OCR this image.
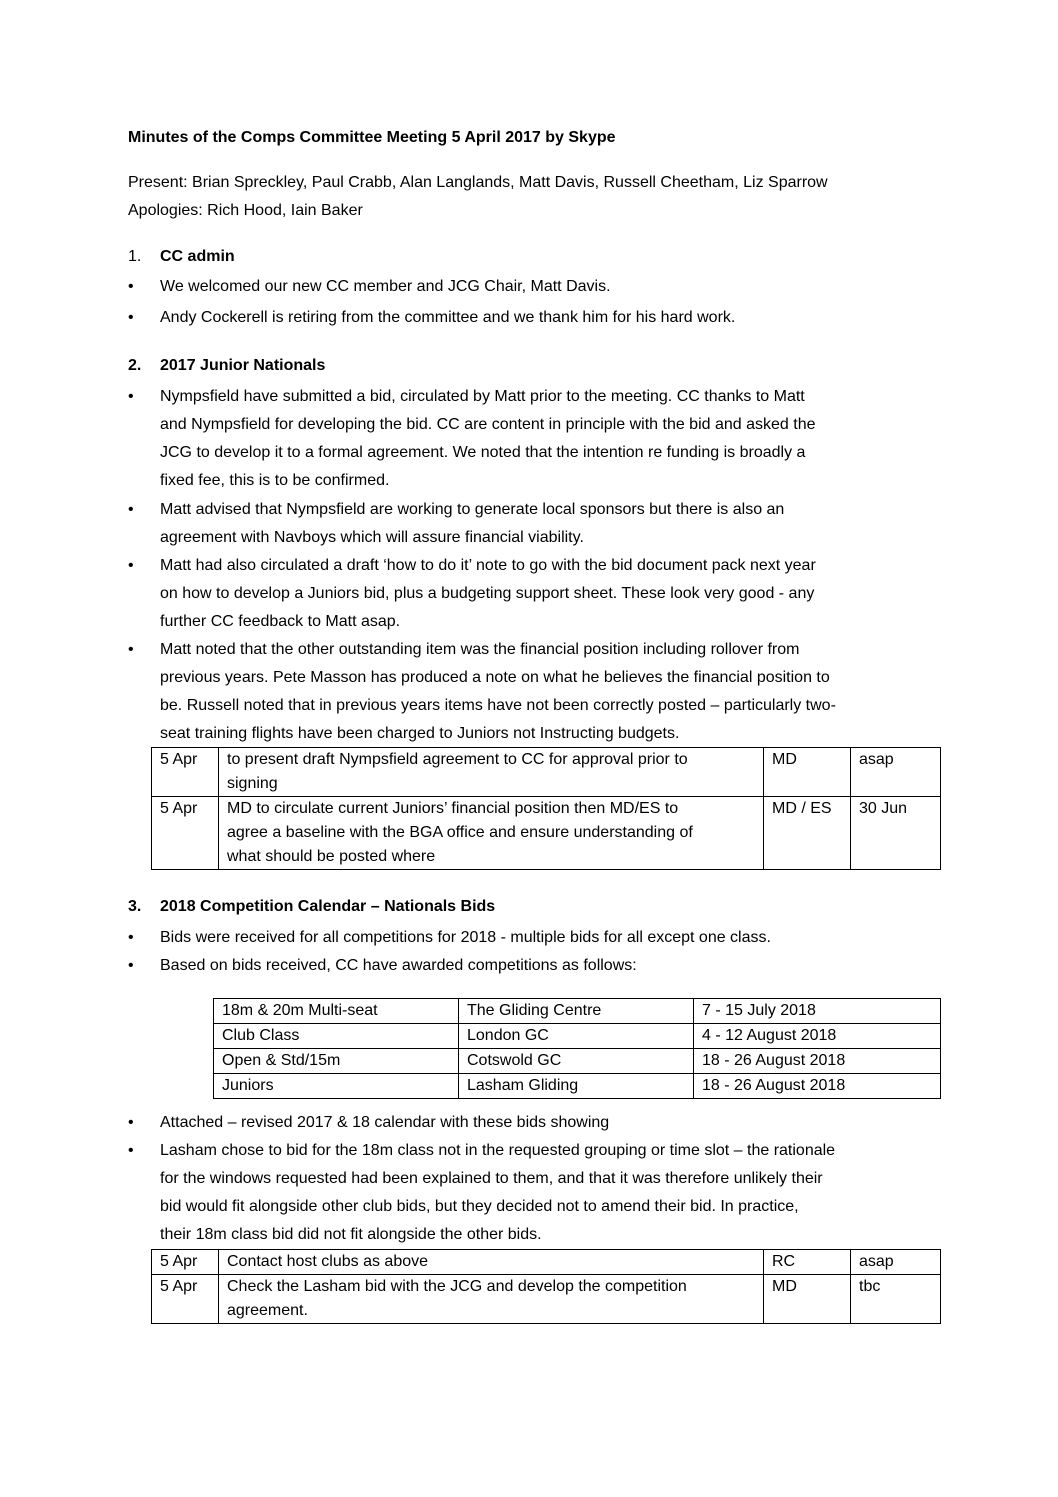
Minutes of the Comps Committee Meeting 5 April 2017 by Skype
Present: Brian Spreckley, Paul Crabb, Alan Langlands, Matt Davis, Russell Cheetham, Liz Sparrow
Apologies: Rich Hood, Iain Baker
1. CC admin
• We welcomed our new CC member and JCG Chair, Matt Davis.
• Andy Cockerell is retiring from the committee and we thank him for his hard work.
2. 2017 Junior Nationals
• Nympsfield have submitted a bid, circulated by Matt prior to the meeting. CC thanks to Matt
and Nympsfield for developing the bid. CC are content in principle with the bid and asked the
JCG to develop it to a formal agreement. We noted that the intention re funding is broadly a
fixed fee, this is to be confirmed.
• Matt advised that Nympsfield are working to generate local sponsors but there is also an
agreement with Navboys which will assure financial viability.
• Matt had also circulated a draft ‘how to do it’ note to go with the bid document pack next year
on how to develop a Juniors bid, plus a budgeting support sheet. These look very good - any
further CC feedback to Matt asap.
• Matt noted that the other outstanding item was the financial position including rollover from
previous years. Pete Masson has produced a note on what he believes the financial position to
be. Russell noted that in previous years items have not been correctly posted – particularly two-
seat training flights have been charged to Juniors not Instructing budgets.
5 Apr	to present draft Nympsfield agreement to CC for approval prior to
signing	MD	asap
5 Apr	MD to circulate current Juniors’ financial position then MD/ES to
agree a baseline with the BGA office and ensure understanding of
what should be posted where	MD / ES	30 Jun
3. 2018 Competition Calendar – Nationals Bids
• Bids were received for all competitions for 2018 - multiple bids for all except one class.
• Based on bids received, CC have awarded competitions as follows:
18m & 20m Multi-seat	The Gliding Centre	7 - 15 July 2018
Club Class	London GC	4 - 12 August 2018
Open & Std/15m	Cotswold GC	18 - 26 August 2018
Juniors	Lasham Gliding	18 - 26 August 2018
• Attached – revised 2017 & 18 calendar with these bids showing
• Lasham chose to bid for the 18m class not in the requested grouping or time slot – the rationale
for the windows requested had been explained to them, and that it was therefore unlikely their
bid would fit alongside other club bids, but they decided not to amend their bid. In practice,
their 18m class bid did not fit alongside the other bids.
5 Apr	Contact host clubs as above	RC	asap
5 Apr	Check the Lasham bid with the JCG and develop the competition
agreement.	MD	tbc
